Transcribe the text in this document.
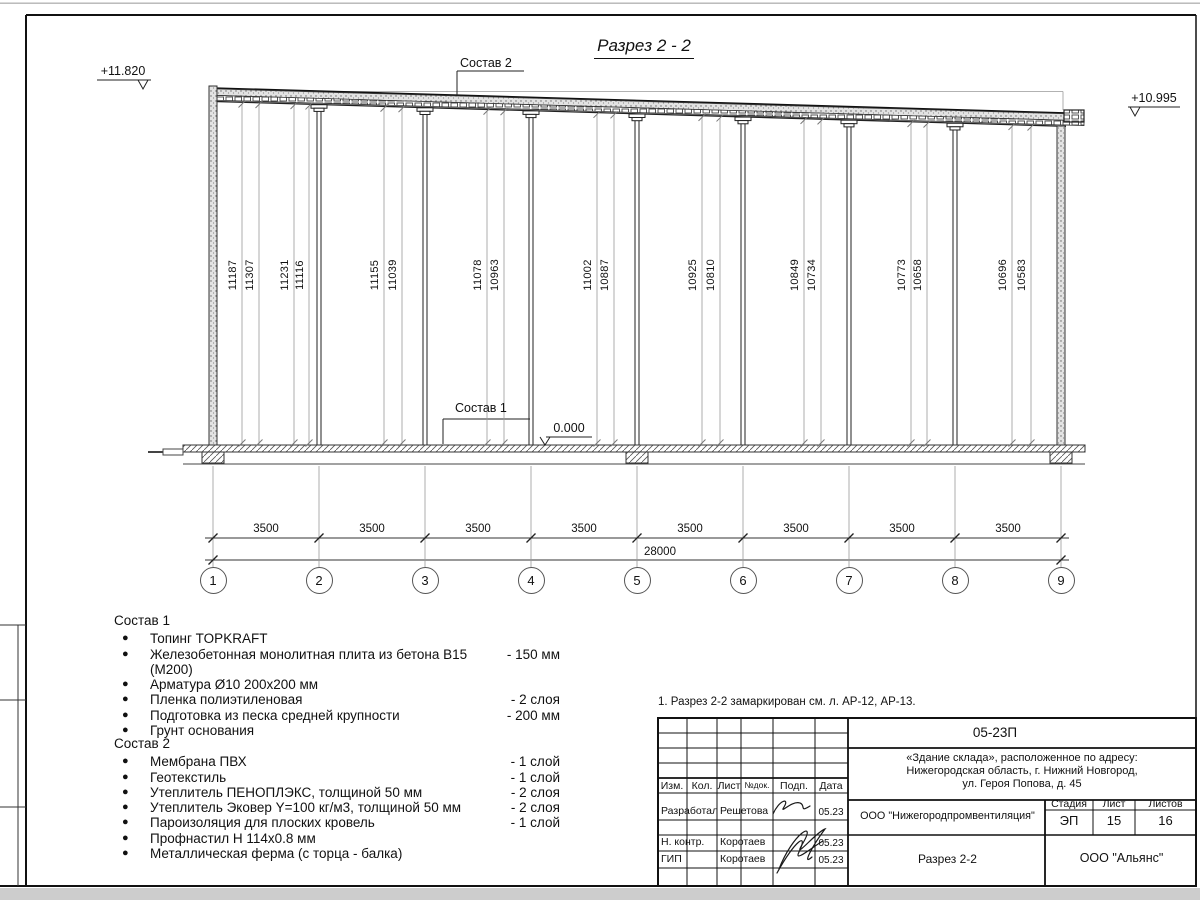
Разрез 2 - 2
+11.820
+10.995
0.000
Состав 2
Состав 1
28000
Состав 1
●	Топинг TOPKRAFT
●	Железобетонная монолитная плита из бетона В15 (М200)
- 150 мм
●	Арматура Ø10 200x200 мм
●	Пленка полиэтиленовая	- 2 слоя
●	Подготовка из песка средней крупности	- 200 мм
●	Грунт основания
Состав 2
●	Мембрана ПВХ	- 1 слой
●	Геотекстиль	- 1 слой
●	Утеплитель ПЕНОПЛЭКС, толщиной 50 мм	- 2 слоя
●	Утеплитель Эковер Y=100 кг/м3, толщиной 50 мм	- 2 слоя
●	Пароизоляция для плоских кровель	- 1 слой
●	Профнастил Н 114x0.8 мм
●	Металлическая ферма (с торца - балка)
1. Разрез 2-2 замаркирован см. л. АР-12, АР-13.
05-23П
«Здание склада», расположенное по адресу:
Нижегородская область, г. Нижний Новгород,
ул. Героя Попова, д. 45
Стадия	Лист	Листов
ЭП	15	16
ООО "Нижегородпромвентиляция"
Разрез 2-2	ООО "Альянс"
11187 11307 11231 11116	11155 11039	11078 10963	11002 10887	10925 10810	10849 10734	10773 10658	10696 10583
1	2	3	4	5	6	7	8	9
3500	3500	3500	3500	3500	3500	3500	3500
Изм. Кол. Лист №док.	Подп.	Дата
Разработал Решетова	05.23
Н. контр. Коротаев	05.23
ГИП	Коротаев	05.23
